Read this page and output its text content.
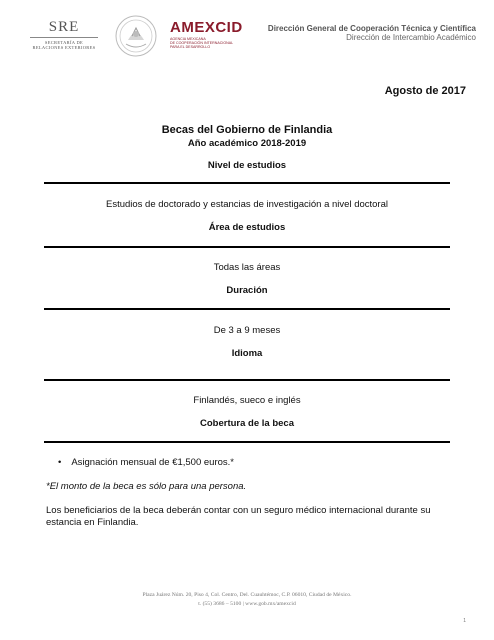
SRE
SECRETARÍA DE
RELACIONES EXTERIORES
AMEXCID
AGENCIA MEXICANA
DE COOPERACIÓN INTERNACIONAL
PARA EL DESARROLLO
Dirección General de Cooperación Técnica y Científica
Dirección de Intercambio Académico
Agosto de 2017
Becas del Gobierno de Finlandia
Año académico 2018-2019
Nivel de estudios
Estudios de doctorado y estancias de investigación a nivel doctoral
Área de estudios
Todas las áreas
Duración
De 3 a 9 meses
Idioma
Finlandés, sueco e inglés
Cobertura de la beca
• Asignación mensual de €1,500 euros.*
*El monto de la beca es sólo para una persona.
Los beneficiarios de la beca deberán contar con un seguro médico internacional durante su estancia en Finlandia.
Plaza Juárez Núm. 20, Piso 4, Col. Centro, Del. Cuauhtémoc, C.P. 06010, Ciudad de México.
t. (55) 3686 – 5100 | www.gob.mx/amexcid
1
